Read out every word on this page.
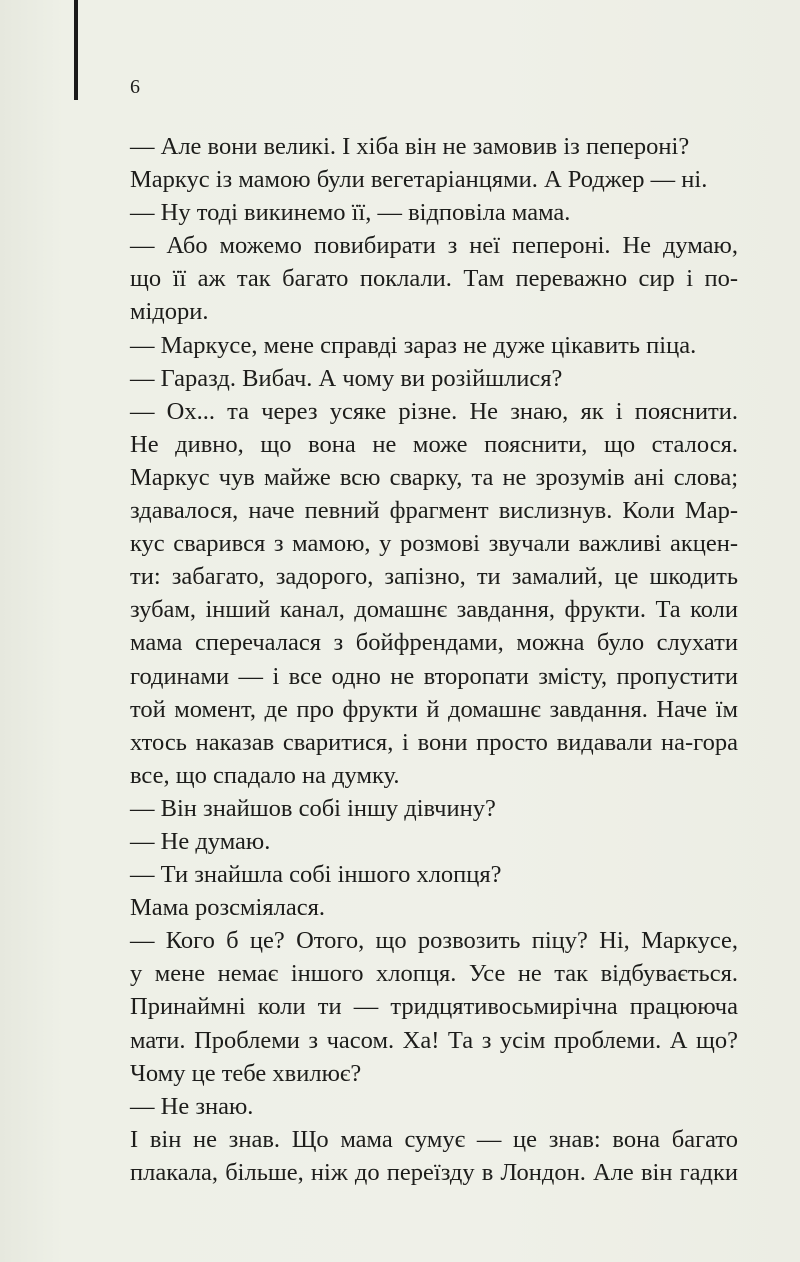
6
— Але вони великі. І хіба він не замовив із пепероні?
Маркус із мамою були вегетаріанцями. А Роджер — ні.
— Ну тоді викинемо її, — відповіла мама.
— Або можемо повибирати з неї пепероні. Не думаю,
що її аж так багато поклали. Там переважно сир і по-
мідори.
— Маркусе, мене справді зараз не дуже цікавить піца.
— Гаразд. Вибач. А чому ви розійшлися?
— Ох... та через усяке різне. Не знаю, як і пояснити.
Не дивно, що вона не може пояснити, що сталося.
Маркус чув майже всю сварку, та не зрозумів ані слова;
здавалося, наче певний фрагмент вислизнув. Коли Мар-
кус сварився з мамою, у розмові звучали важливі акцен-
ти: забагато, задорого, запізно, ти замалий, це шкодить
зубам, інший канал, домашнє завдання, фрукти. Та коли
мама сперечалася з бойфрендами, можна було слухати
годинами — і все одно не второпати змісту, пропустити
той момент, де про фрукти й домашнє завдання. Наче їм
хтось наказав сваритися, і вони просто видавали на-гора
все, що спадало на думку.
— Він знайшов собі іншу дівчину?
— Не думаю.
— Ти знайшла собі іншого хлопця?
Мама розсміялася.
— Кого б це? Отого, що розвозить піцу? Ні, Маркусе,
у мене немає іншого хлопця. Усе не так відбувається.
Принаймні коли ти — тридцятивосьмирічна працююча
мати. Проблеми з часом. Ха! Та з усім проблеми. А що?
Чому це тебе хвилює?
— Не знаю.
І він не знав. Що мама сумує — це знав: вона багато
плакала, більше, ніж до переїзду в Лондон. Але він гадки
